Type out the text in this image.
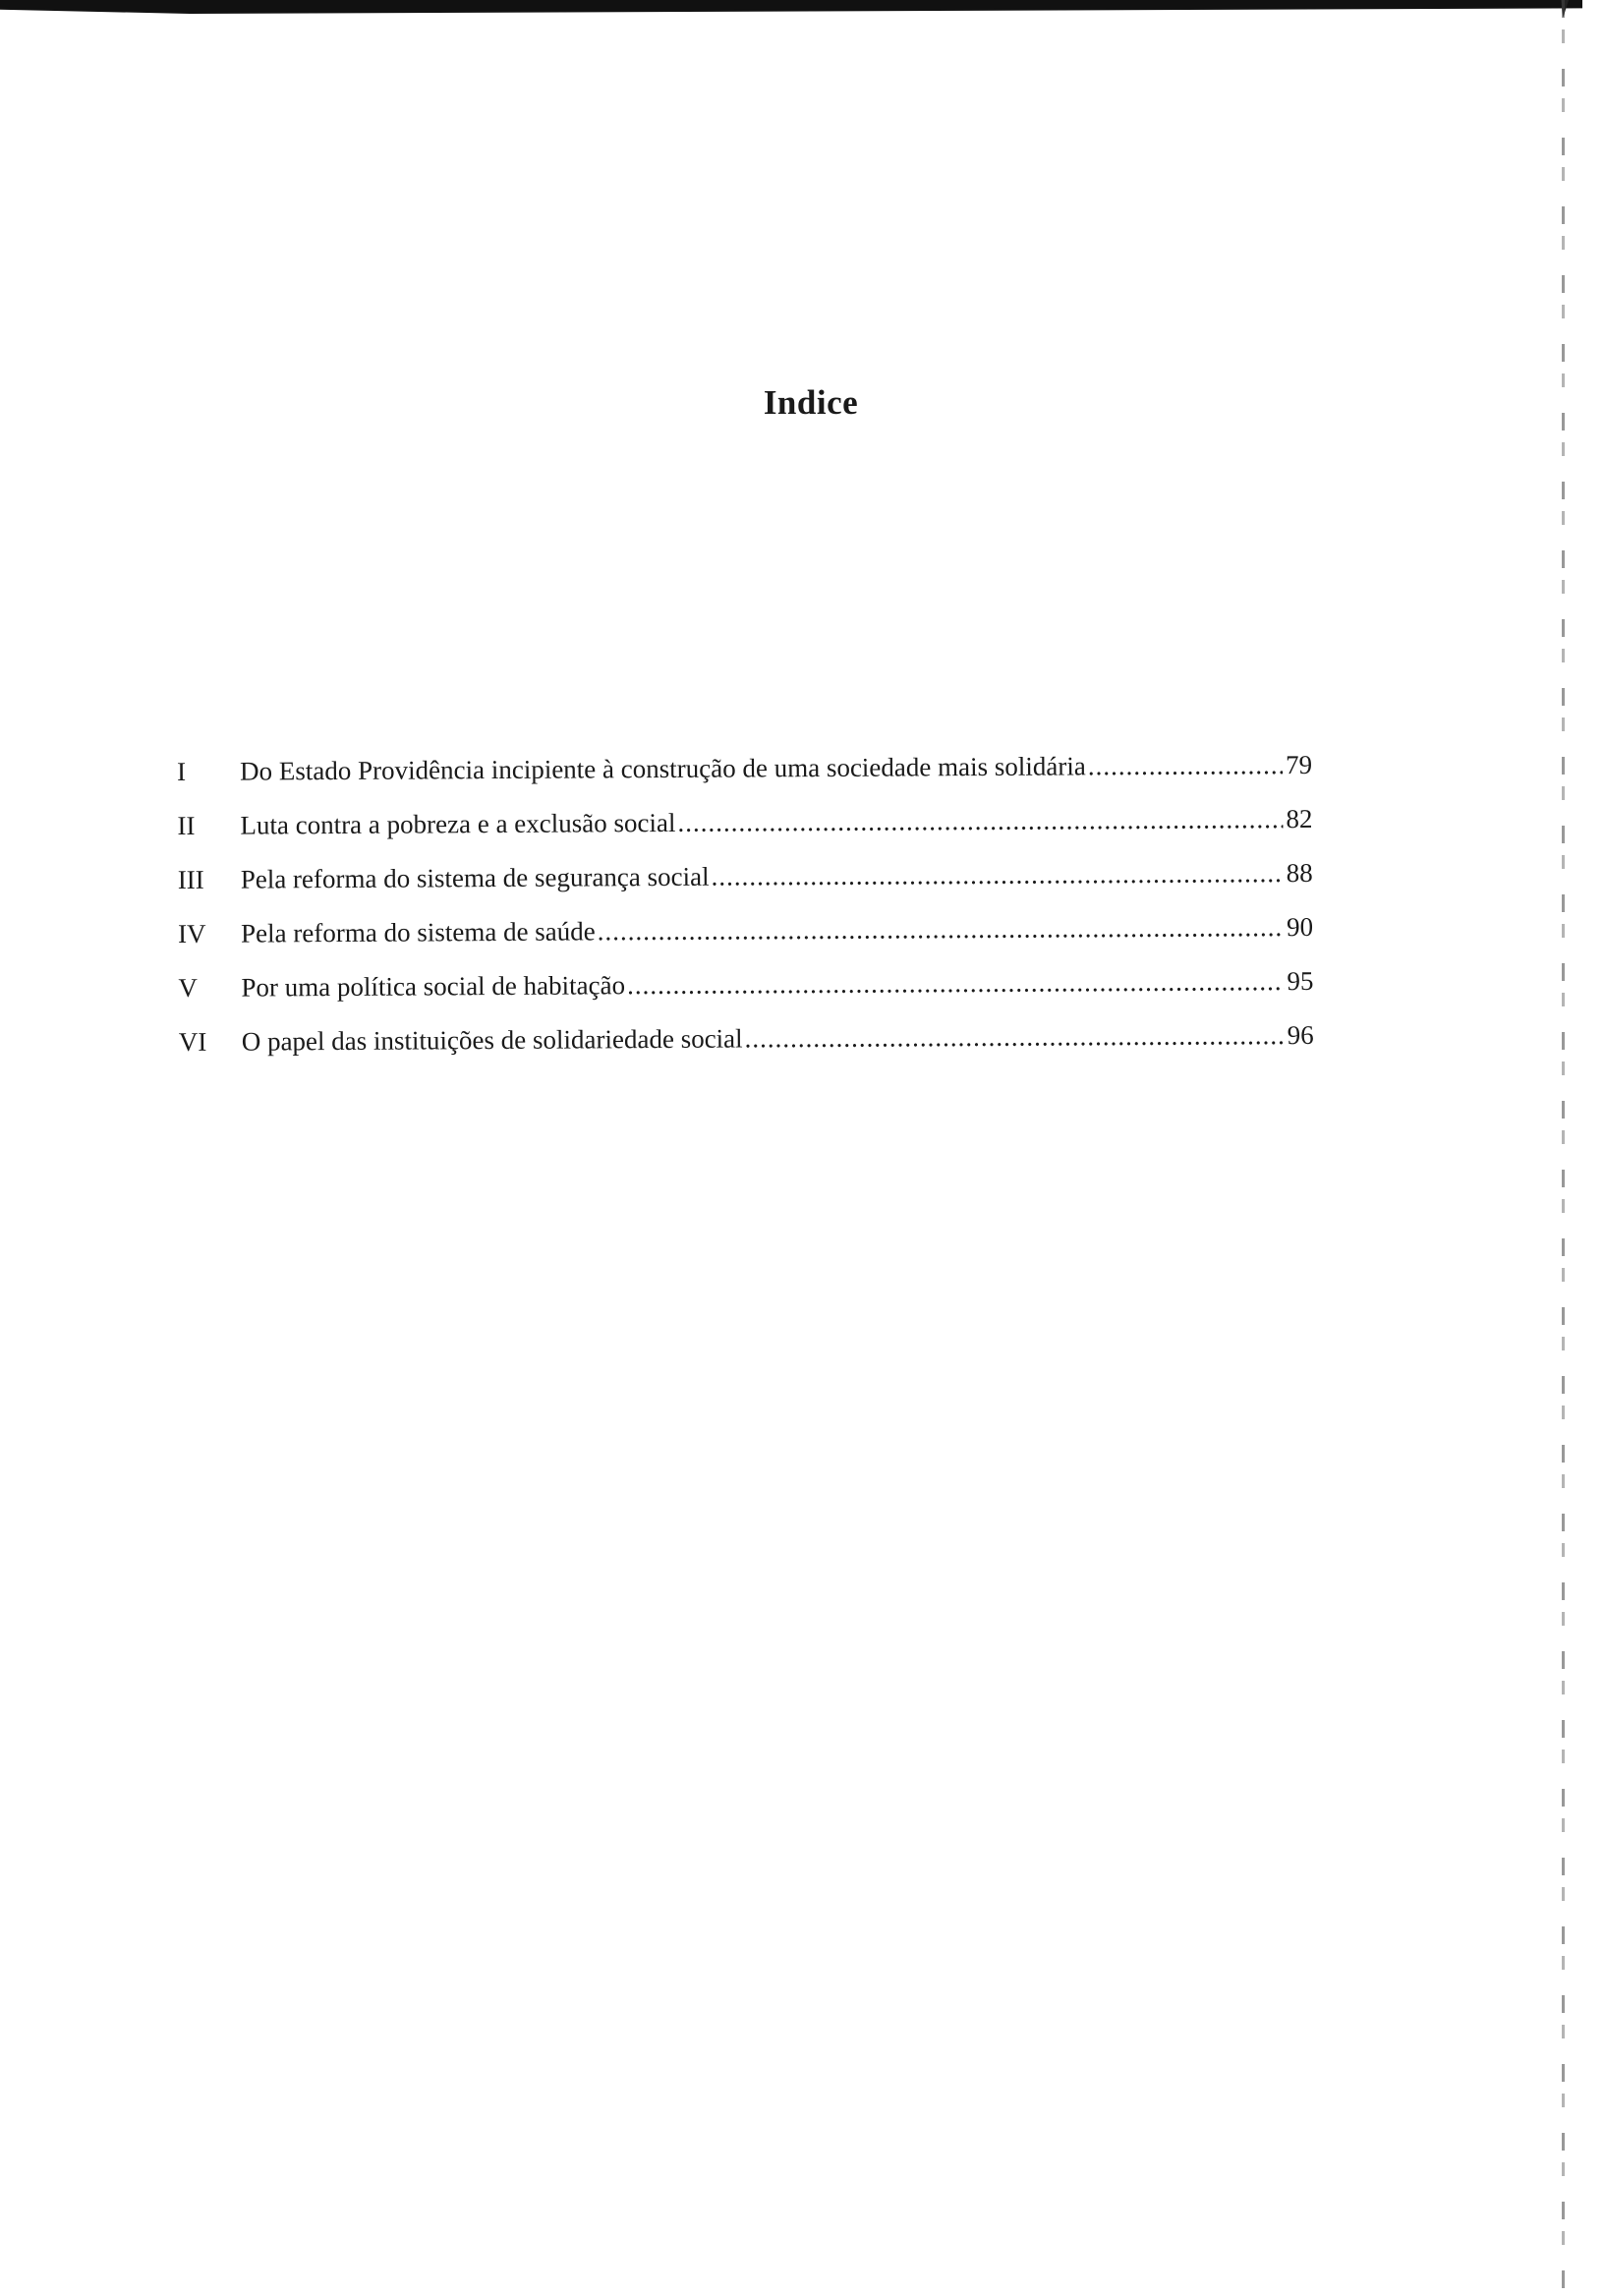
Indice
I	Do Estado Providência incipiente à construção de uma sociedade mais solidária .....	79
II	Luta contra a pobreza e a exclusão social .....	82
III	Pela reforma do sistema de segurança social .....	88
IV	Pela reforma do sistema de saúde .....	90
V	Por uma política social de habitação .....	95
VI	O papel das instituições de solidariedade social .....	96
